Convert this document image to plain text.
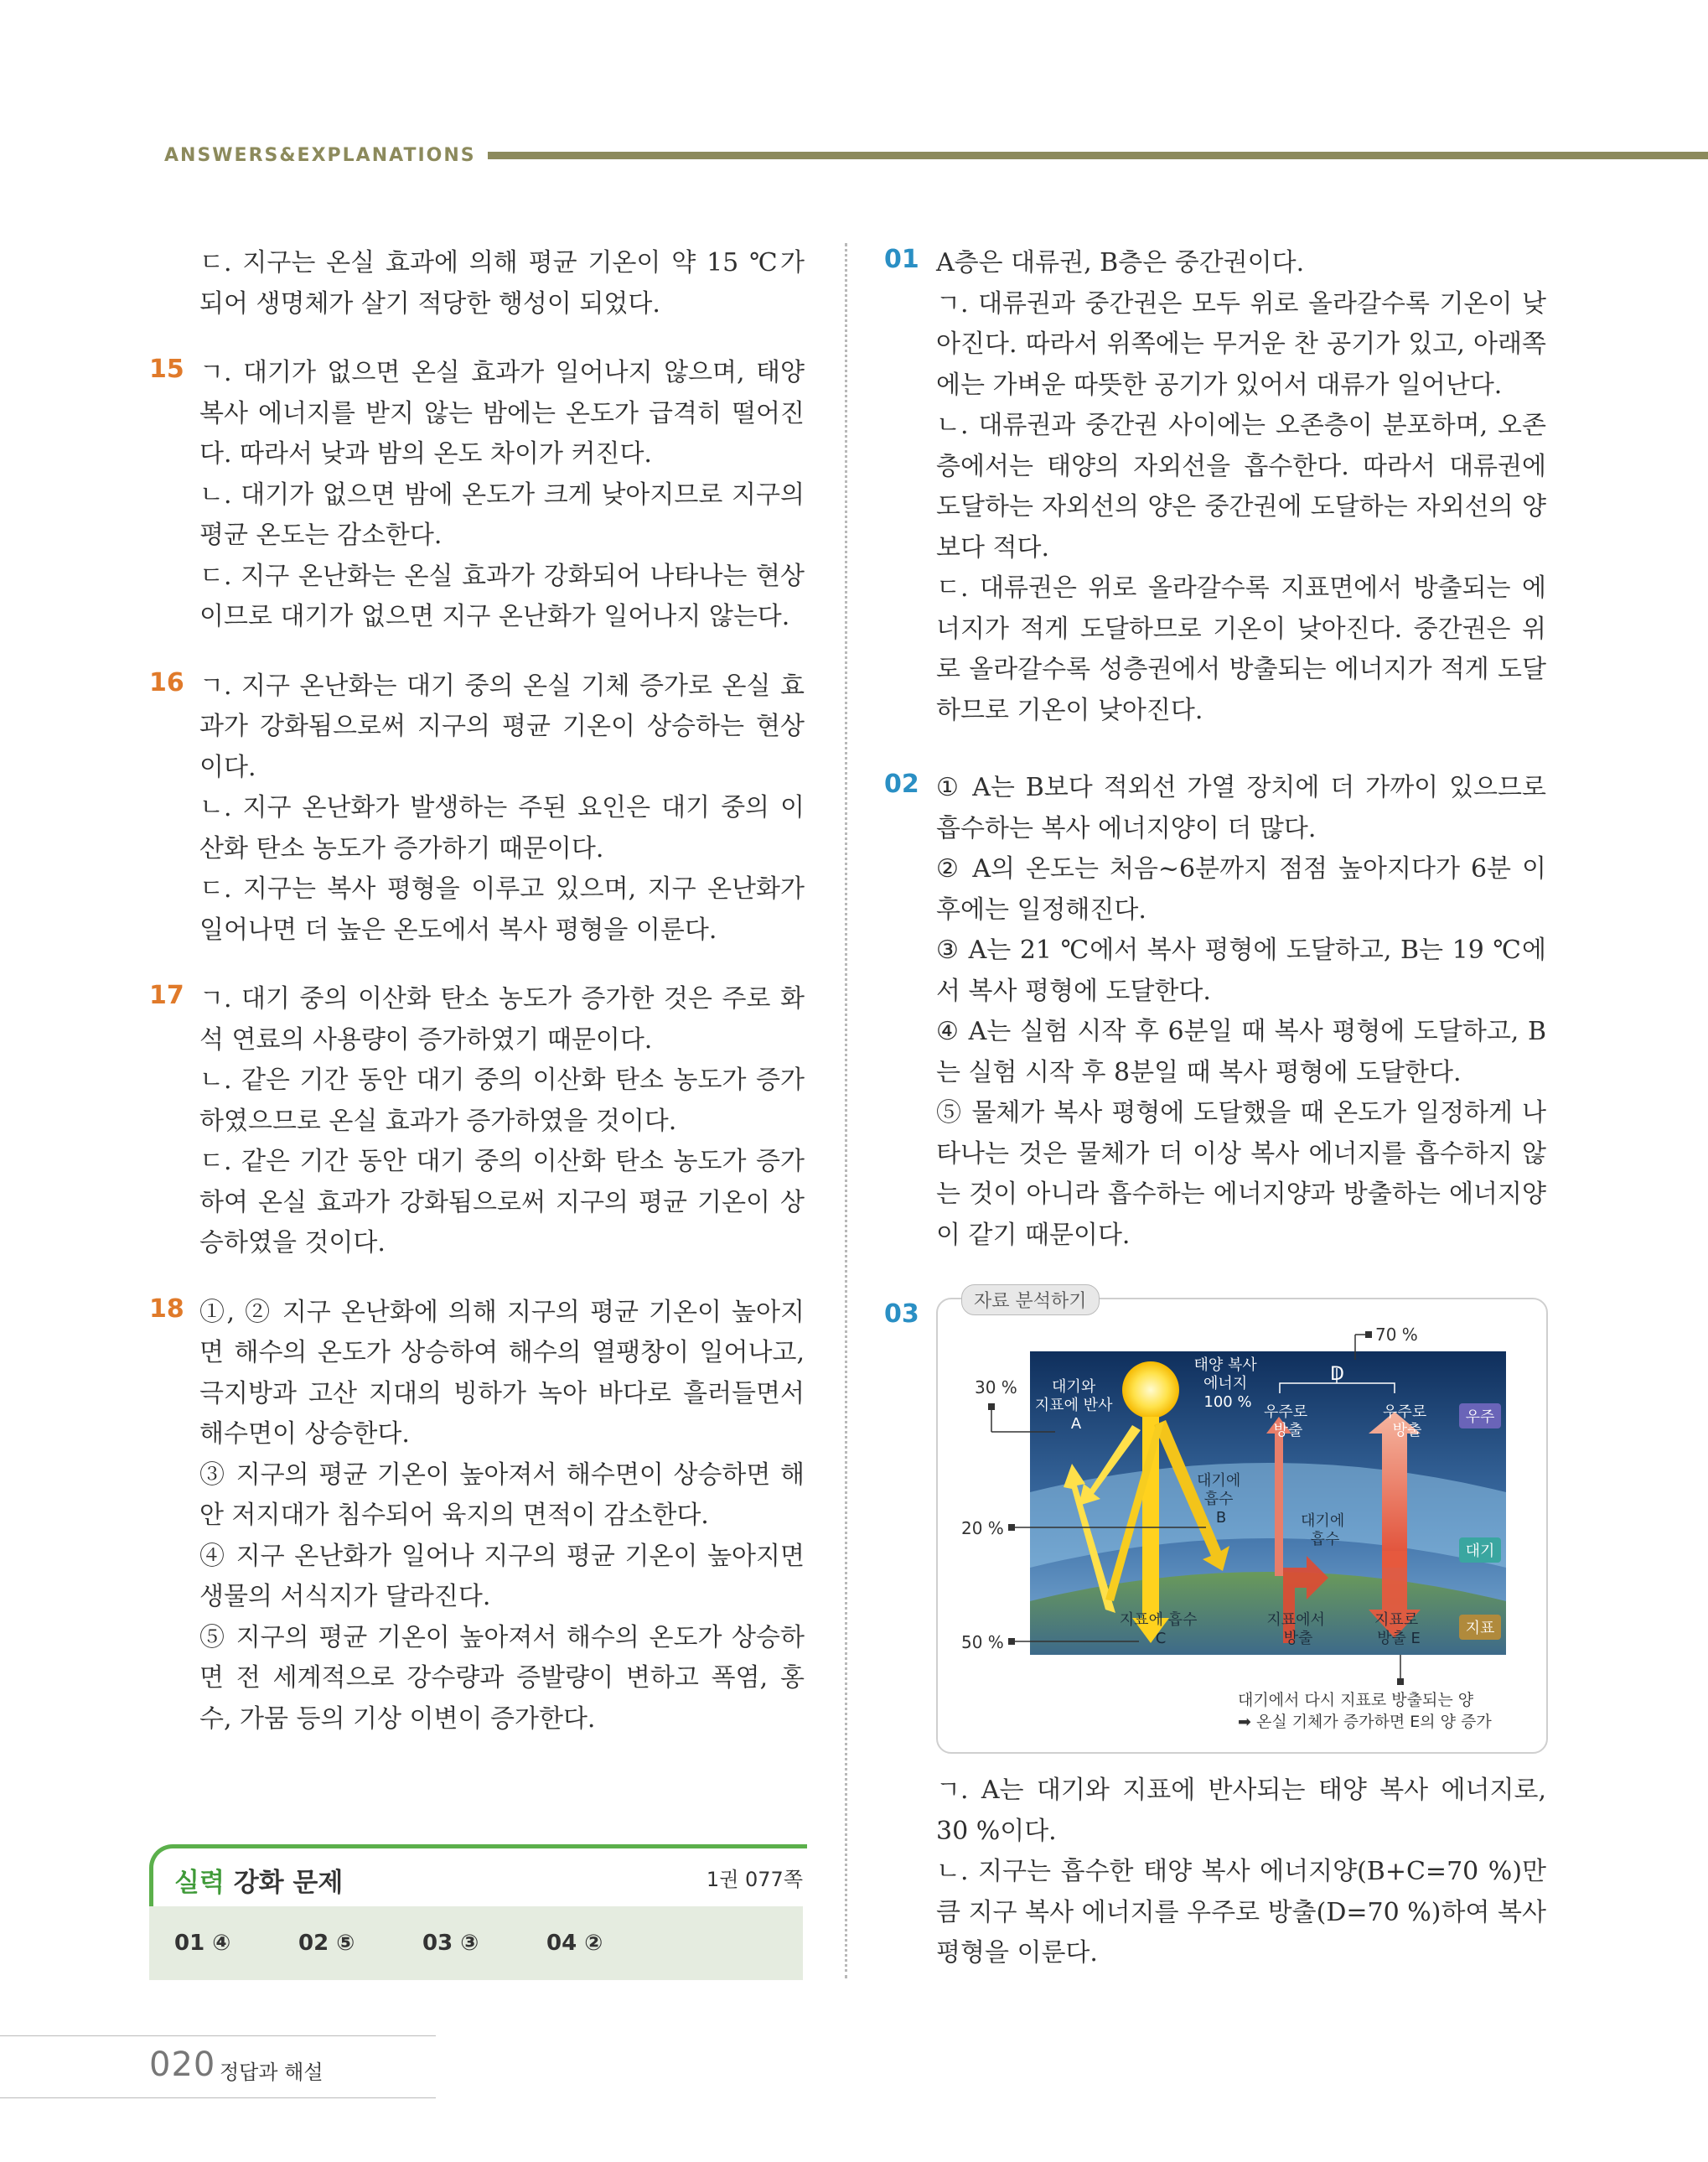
ANSWERS&EXPLANATIONS

ㄷ. 지구는 온실 효과에 의해 평균 기온이 약 15 ℃가 되어 생명체가 살기 적당한 행성이 되었다.

15 ㄱ. 대기가 없으면 온실 효과가 일어나지 않으며, 태양 복사 에너지를 받지 않는 밤에는 온도가 급격히 떨어진다. 따라서 낮과 밤의 온도 차이가 커진다.

ㄴ. 대기가 없으면 밤에 온도가 크게 낮아지므로 지구의 평균 온도는 감소한다.

ㄷ. 지구 온난화는 온실 효과가 강화되어 나타나는 현상이므로 대기가 없으면 지구 온난화가 일어나지 않는다.

16 ㄱ. 지구 온난화는 대기 중의 온실 기체 증가로 온실 효과가 강화됨으로써 지구의 평균 기온이 상승하는 현상이다.

ㄴ. 지구 온난화가 발생하는 주된 요인은 대기 중의 이산화 탄소 농도가 증가하기 때문이다.

ㄷ. 지구는 복사 평형을 이루고 있으며, 지구 온난화가 일어나면 더 높은 온도에서 복사 평형을 이룬다.

17 ㄱ. 대기 중의 이산화 탄소 농도가 증가한 것은 주로 화석 연료의 사용량이 증가하였기 때문이다.

ㄴ. 같은 기간 동안 대기 중의 이산화 탄소 농도가 증가하였으므로 온실 효과가 증가하였을 것이다.

ㄷ. 같은 기간 동안 대기 중의 이산화 탄소 농도가 증가하여 온실 효과가 강화됨으로써 지구의 평균 기온이 상승하였을 것이다.

18 ①, ② 지구 온난화에 의해 지구의 평균 기온이 높아지면 해수의 온도가 상승하여 해수의 열팽창이 일어나고, 극지방과 고산 지대의 빙하가 녹아 바다로 흘러들면서 해수면이 상승한다.

③ 지구의 평균 기온이 높아져서 해수면이 상승하면 해안 저지대가 침수되어 육지의 면적이 감소한다.

④ 지구 온난화가 일어나 지구의 평균 기온이 높아지면 생물의 서식지가 달라진다.

⑤ 지구의 평균 기온이 높아져서 해수의 온도가 상승하면 전 세계적으로 강수량과 증발량이 변하고 폭염, 홍수, 가뭄 등의 기상 이변이 증가한다.

01 A층은 대류권, B층은 중간권이다.

ㄱ. 대류권과 중간권은 모두 위로 올라갈수록 기온이 낮아진다. 따라서 위쪽에는 무거운 찬 공기가 있고, 아래쪽에는 가벼운 따뜻한 공기가 있어서 대류가 일어난다.

ㄴ. 대류권과 중간권 사이에는 오존층이 분포하며, 오존층에서는 태양의 자외선을 흡수한다. 따라서 대류권에 도달하는 자외선의 양은 중간권에 도달하는 자외선의 양보다 적다.

ㄷ. 대류권은 위로 올라갈수록 지표면에서 방출되는 에너지가 적게 도달하므로 기온이 낮아진다. 중간권은 위로 올라갈수록 성층권에서 방출되는 에너지가 적게 도달하므로 기온이 낮아진다.

02 ① A는 B보다 적외선 가열 장치에 더 가까이 있으므로 흡수하는 복사 에너지양이 더 많다.

② A의 온도는 처음~6분까지 점점 높아지다가 6분 이후에는 일정해진다.

③ A는 21 ℃에서 복사 평형에 도달하고, B는 19 ℃에서 복사 평형에 도달한다.

④ A는 실험 시작 후 6분일 때 복사 평형에 도달하고, B는 실험 시작 후 8분일 때 복사 평형에 도달한다.

⑤ 물체가 복사 평형에 도달했을 때 온도가 일정하게 나타나는 것은 물체가 더 이상 복사 에너지를 흡수하지 않는 것이 아니라 흡수하는 에너지양과 방출하는 에너지양이 같기 때문이다.

03	자료 분석하기
70 %
D
30 %
20 %
50 %
대기와 지표에 반사 A
태양 복사 에너지 100 %
우주로 방출
우주로 방출
우주
대기
지표
대기에 흡수 B	대기에 흡수
지표에 흡수 C
지표에서 방출
지표로 방출 E
대기에서 다시 지표로 방출되는 양
➡ 온실 기체가 증가하면 E의 양 증가

ㄱ. A는 대기와 지표에 반사되는 태양 복사 에너지로, 30 %이다.

ㄴ. 지구는 흡수한 태양 복사 에너지양(B+C=70 %)만큼 지구 복사 에너지를 우주로 방출(D=70 %)하여 복사 평형을 이룬다.

실력 강화 문제	1권 077쪽
01 ④	02 ⑤	03 ③	04 ②
020 정답과 해설
